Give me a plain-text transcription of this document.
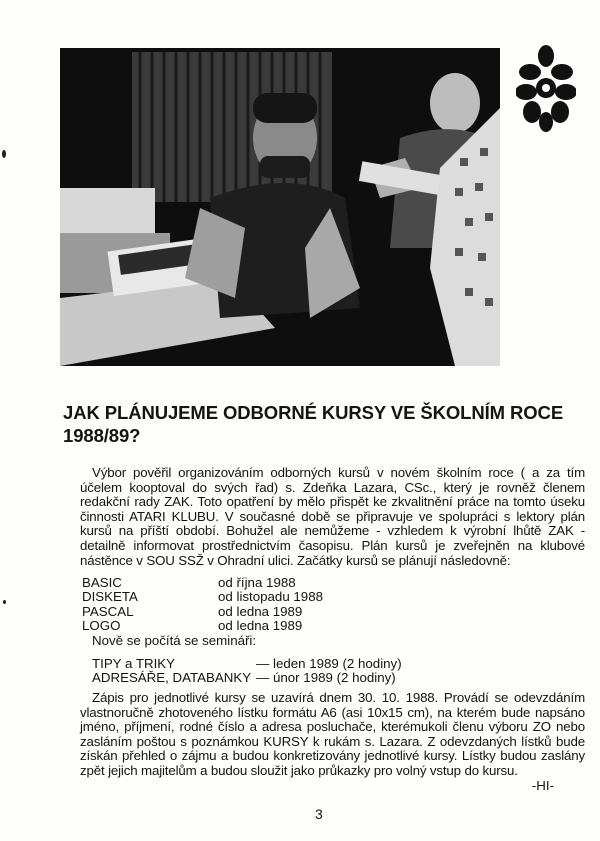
JAK PLÁNUJEME ODBORNÉ KURSY VE ŠKOLNÍM ROCE 1988/89?

Výbor pověřil organizováním odborných kursů v novém školním roce ( a za tím účelem kooptoval do svých řad) s. Zdeňka Lazara, CSc., který je rovněž členem redakční rady ZAK. Toto opatření by mělo přispět ke zkvalitnění práce na tomto úseku činnosti ATARI KLUBU. V současné době se připravuje ve spolupráci s lektory plán kursů na příští období. Bohužel ale nemůžeme - vzhledem k výrobní lhůtě ZAK - detailně informovat prostřednictvím časopisu. Plán kursů je zveřejněn na klubové nástěnce v SOU SSŽ v Ohradní ulici. Začátky kursů se plánují následovně:

BASIC	od října 1988
DISKETA	od listopadu 1988
PASCAL	od ledna 1989
LOGO	od ledna 1989
Nově se počítá se semináři:
TIPY a TRIKY	— leden 1989 (2 hodiny)
ADRESÁŘE, DATABANKY — únor 1989 (2 hodiny)

Zápis pro jednotlivé kursy se uzavírá dnem 30. 10. 1988. Provádí se odevzdáním vlastnoručně zhotoveného lístku formátu A6 (asi 10x15 cm), na kterém bude napsáno jméno, příjmení, rodné číslo a adresa posluchače, kterémukoli členu výboru ZO nebo zasláním poštou s poznámkou KURSY k rukám s. Lazara. Z odevzdaných lístků bude získán přehled o zájmu a budou konkretizovány jednotlivé kursy. Lístky budou zaslány zpět jejich majitelům a budou sloužit jako průkazky pro volný vstup do kursu.

-HI-
3
